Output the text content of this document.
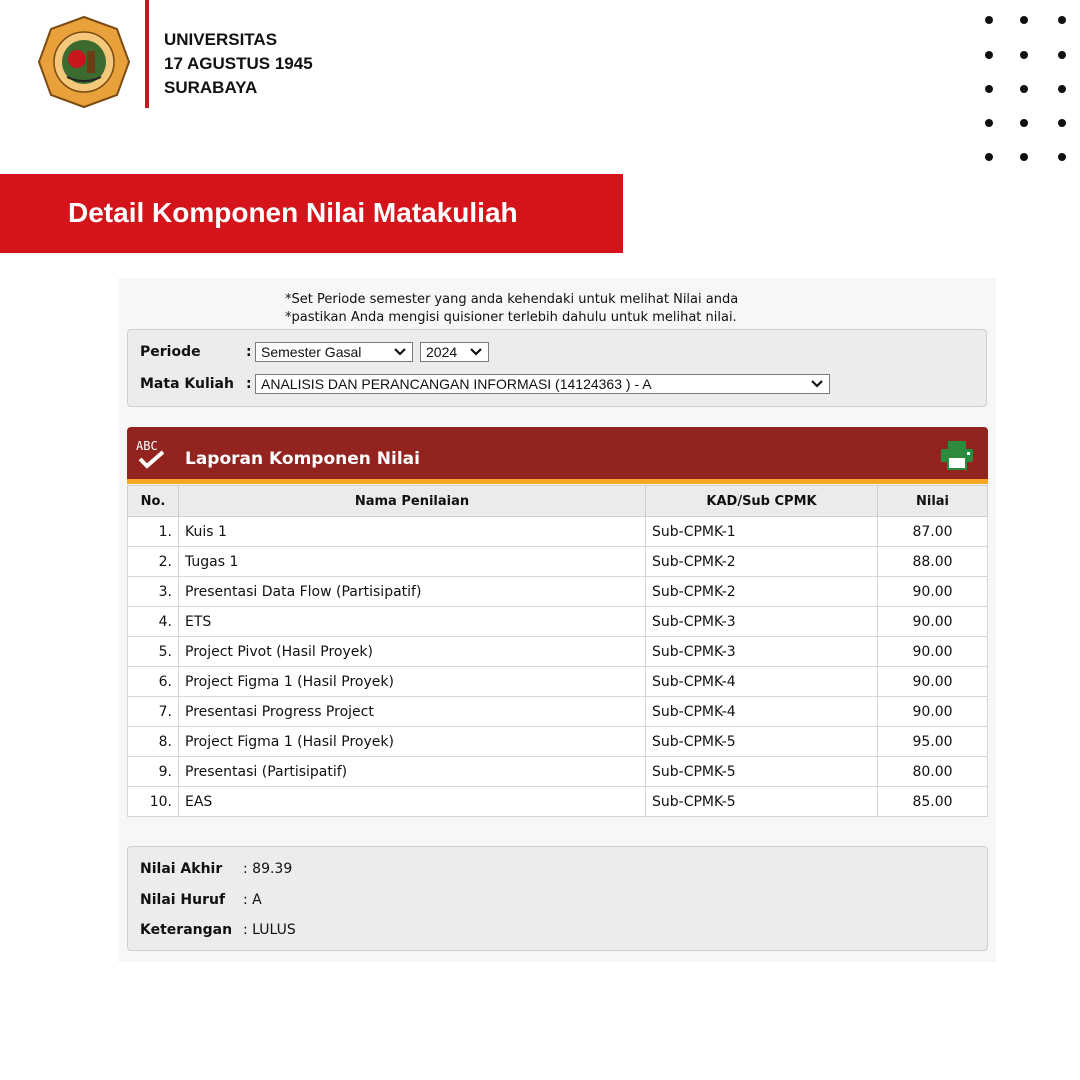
UNIVERSITAS
17 AGUSTUS 1945
SURABAYA
Detail Komponen Nilai Matakuliah
*Set Periode semester yang anda kehendaki untuk melihat Nilai anda
*pastikan Anda mengisi quisioner terlebih dahulu untuk melihat nilai.
Periode	: Semester Gasal	2024
Mata Kuliah : ANALISIS DAN PERANCANGAN INFORMASI (14124363 ) - A
ABC
Laporan Komponen Nilai
No.	Nama Penilaian	KAD/Sub CPMK	Nilai
1.	Kuis 1	Sub-CPMK-1	87.00
2.	Tugas 1	Sub-CPMK-2	88.00
3.	Presentasi Data Flow (Partisipatif)	Sub-CPMK-2	90.00
4.	ETS	Sub-CPMK-3	90.00
5.	Project Pivot (Hasil Proyek)	Sub-CPMK-3	90.00
6.	Project Figma 1 (Hasil Proyek)	Sub-CPMK-4	90.00
7.	Presentasi Progress Project	Sub-CPMK-4	90.00
8.	Project Figma 1 (Hasil Proyek)	Sub-CPMK-5	95.00
9.	Presentasi (Partisipatif)	Sub-CPMK-5	80.00
10.	EAS	Sub-CPMK-5	85.00
Nilai Akhir : 89.39
Nilai Huruf : A
Keterangan : LULUS
